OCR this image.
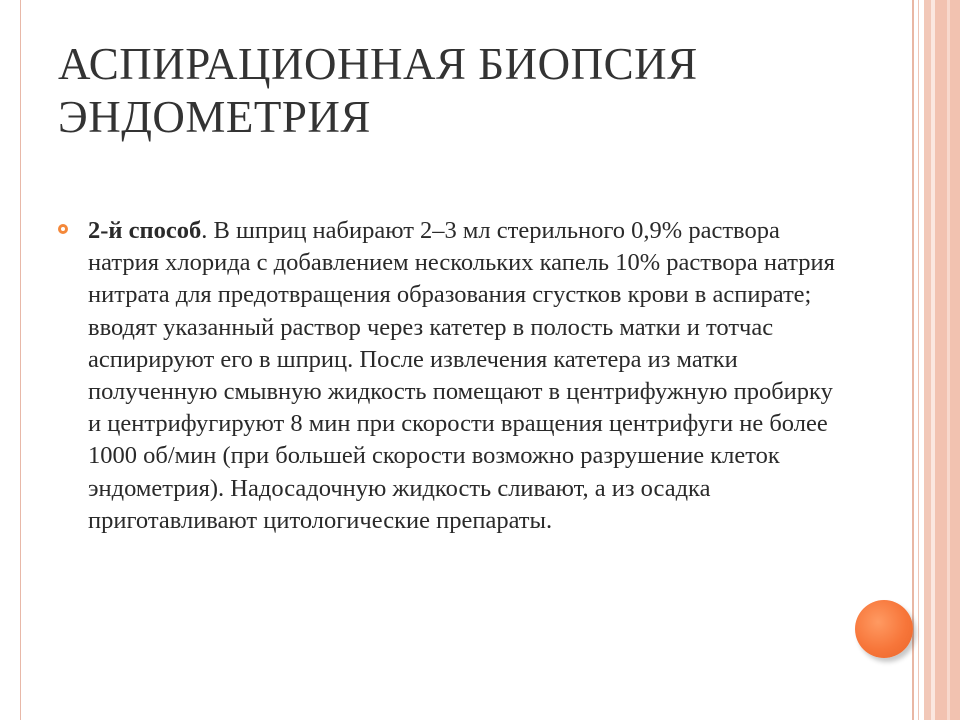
АСПИРАЦИОННАЯ БИОПСИЯ ЭНДОМЕТРИЯ
2-й способ. В шприц набирают 2–3 мл стерильного 0,9% раствора натрия хлорида с добавлением нескольких капель 10% раствора натрия нитрата для предотвращения образования сгустков крови в аспирате; вводят указанный раствор через катетер в полость матки и тотчас аспирируют его в шприц. После извлечения катетера из матки полученную смывную жидкость помещают в центрифужную пробирку и центрифугируют 8 мин при скорости вращения центрифуги не более 1000 об/мин (при большей скорости возможно разрушение клеток эндометрия). Надосадочную жидкость сливают, а из осадка приготавливают цитологические препараты.
